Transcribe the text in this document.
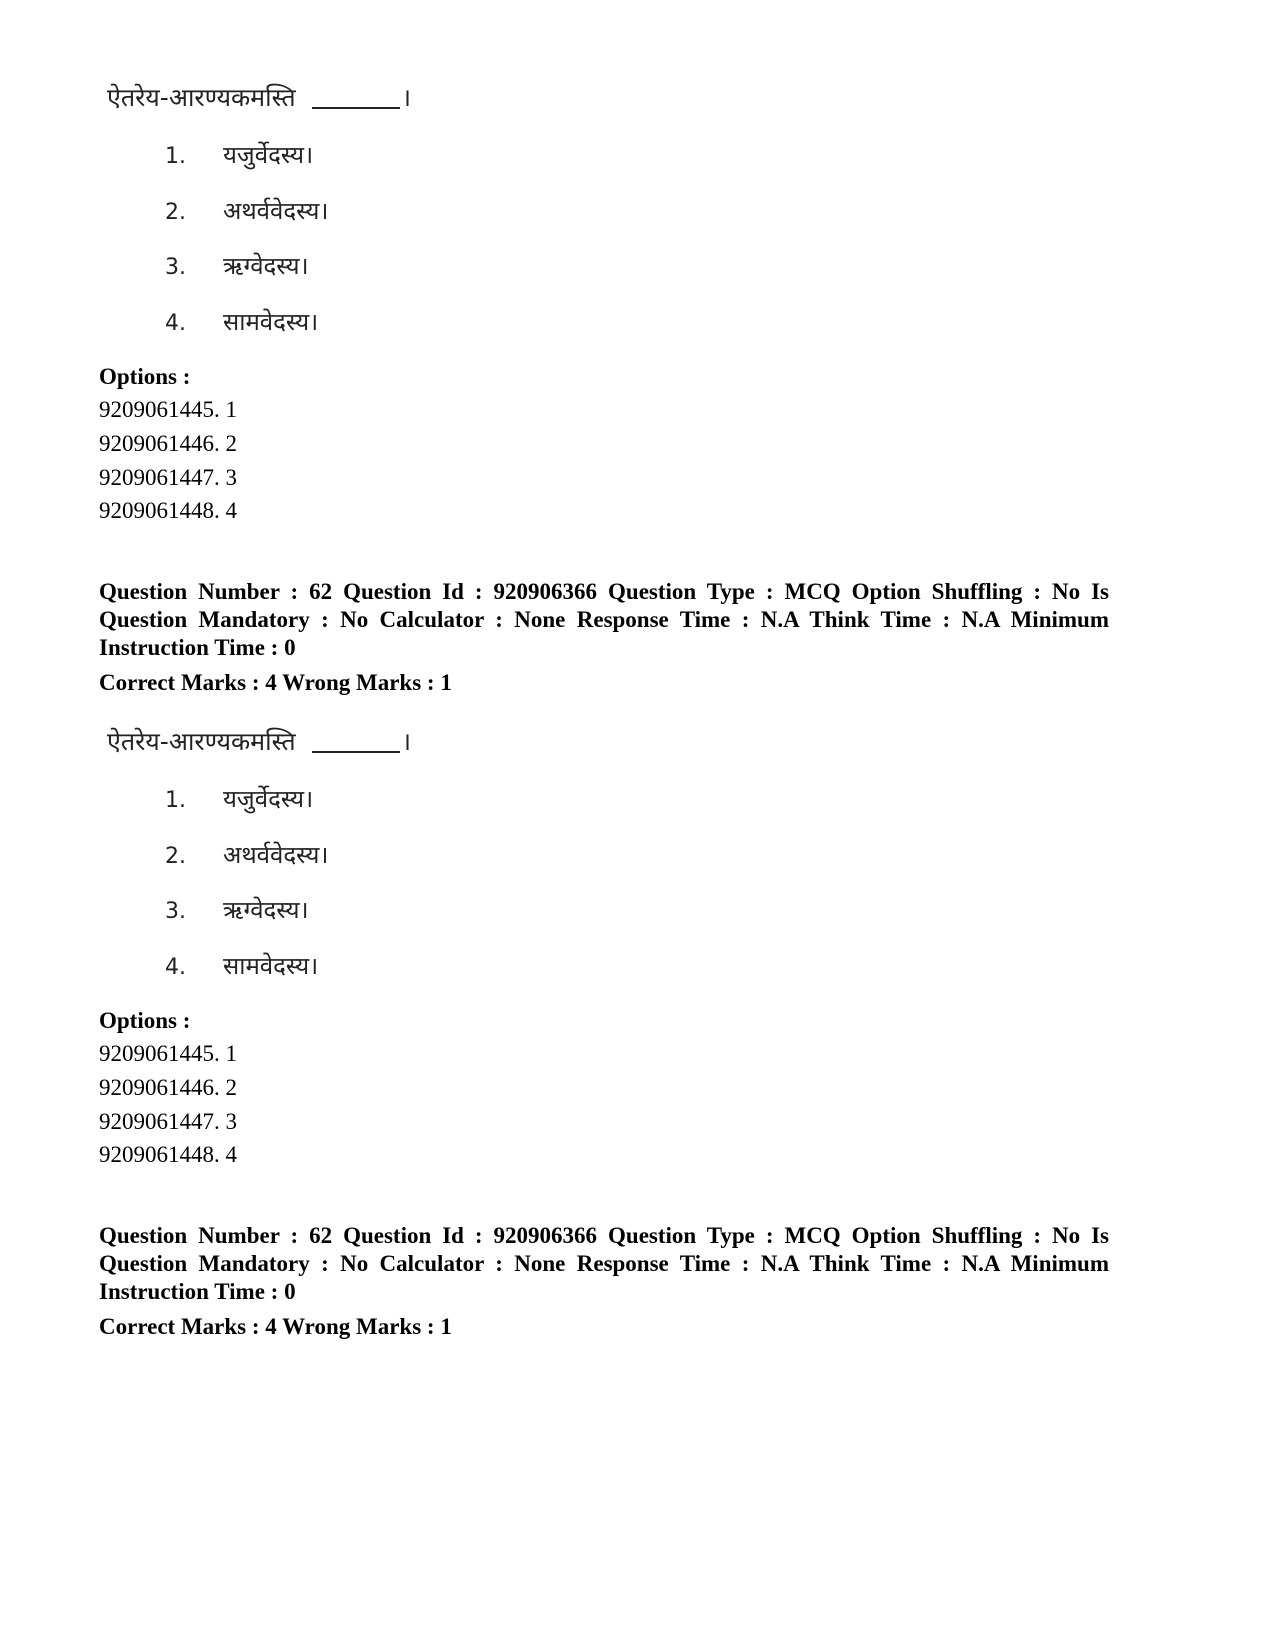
ऐतरेय-आरण्यकमस्ति	।
1. यजुर्वेदस्य।
2. अथर्ववेदस्य।
3. ऋग्वेदस्य।
4. सामवेदस्य।
Options :
9209061445. 1
9209061446. 2
9209061447. 3
9209061448. 4
Question Number : 62 Question Id : 920906366 Question Type : MCQ Option Shuffling : No Is Question Mandatory : No Calculator : None Response Time : N.A Think Time : N.A Minimum Instruction Time : 0
Correct Marks : 4 Wrong Marks : 1
ऐतरेय-आरण्यकमस्ति	।
1. यजुर्वेदस्य।
2. अथर्ववेदस्य।
3. ऋग्वेदस्य।
4. सामवेदस्य।
Options :
9209061445. 1
9209061446. 2
9209061447. 3
9209061448. 4
Question Number : 62 Question Id : 920906366 Question Type : MCQ Option Shuffling : No Is Question Mandatory : No Calculator : None Response Time : N.A Think Time : N.A Minimum Instruction Time : 0
Correct Marks : 4 Wrong Marks : 1
